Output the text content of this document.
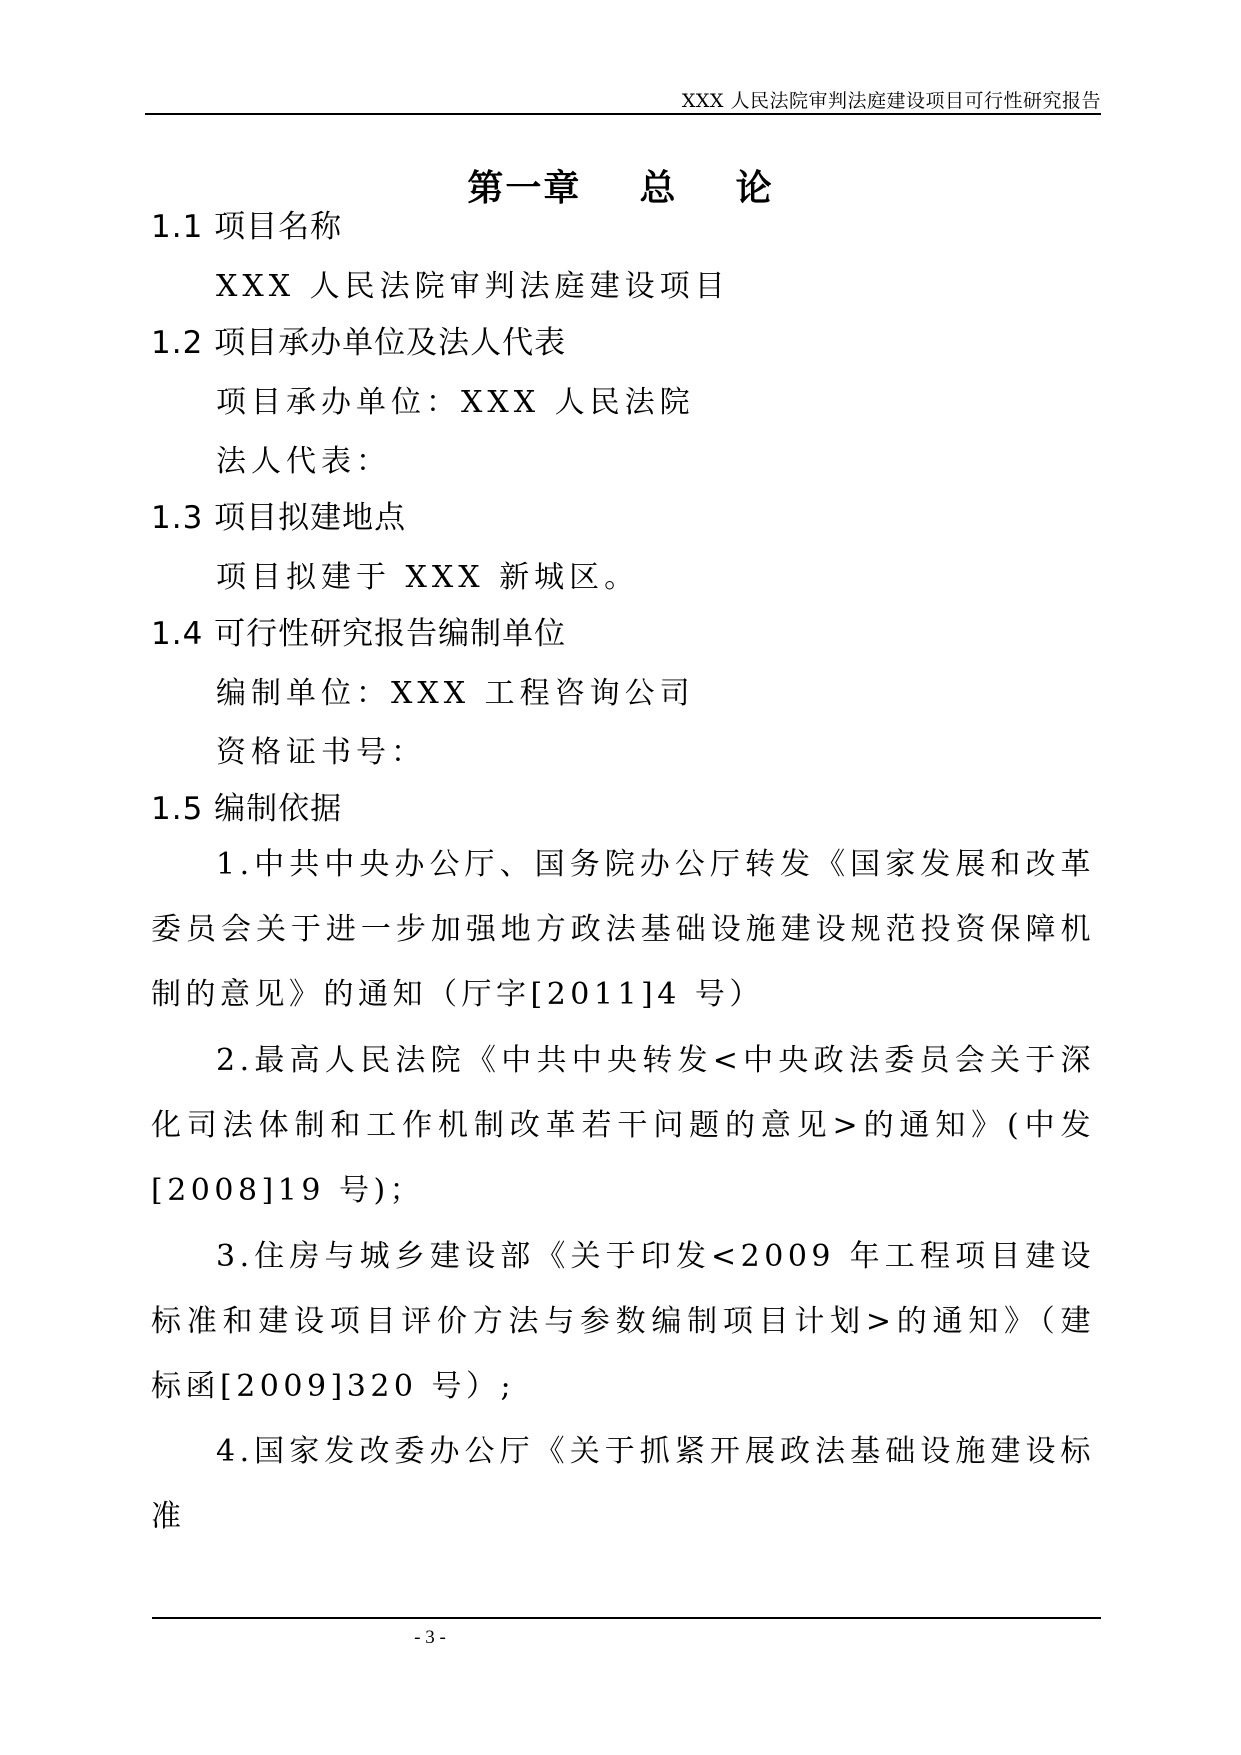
XXX 人民法院审判法庭建设项目可行性研究报告
第一章    总    论
1.1 项目名称
XXX 人民法院审判法庭建设项目
1.2 项目承办单位及法人代表
项目承办单位：XXX 人民法院
法人代表：
1.3 项目拟建地点
项目拟建于 XXX 新城区。
1.4 可行性研究报告编制单位
编制单位：XXX 工程咨询公司
资格证书号：
1.5 编制依据

1.中共中央办公厅、国务院办公厅转发《国家发展和改革委员会关于进一步加强地方政法基础设施建设规范投资保障机制的意见》的通知（厅字[2011]4 号）

2.最高人民法院《中共中央转发<中央政法委员会关于深化司法体制和工作机制改革若干问题的意见>的通知》(中发[2008]19 号)；

3.住房与城乡建设部《关于印发<2009 年工程项目建设标准和建设项目评价方法与参数编制项目计划>的通知》（建标函[2009]320 号）;

4.国家发改委办公厅《关于抓紧开展政法基础设施建设标准

- 3 -
